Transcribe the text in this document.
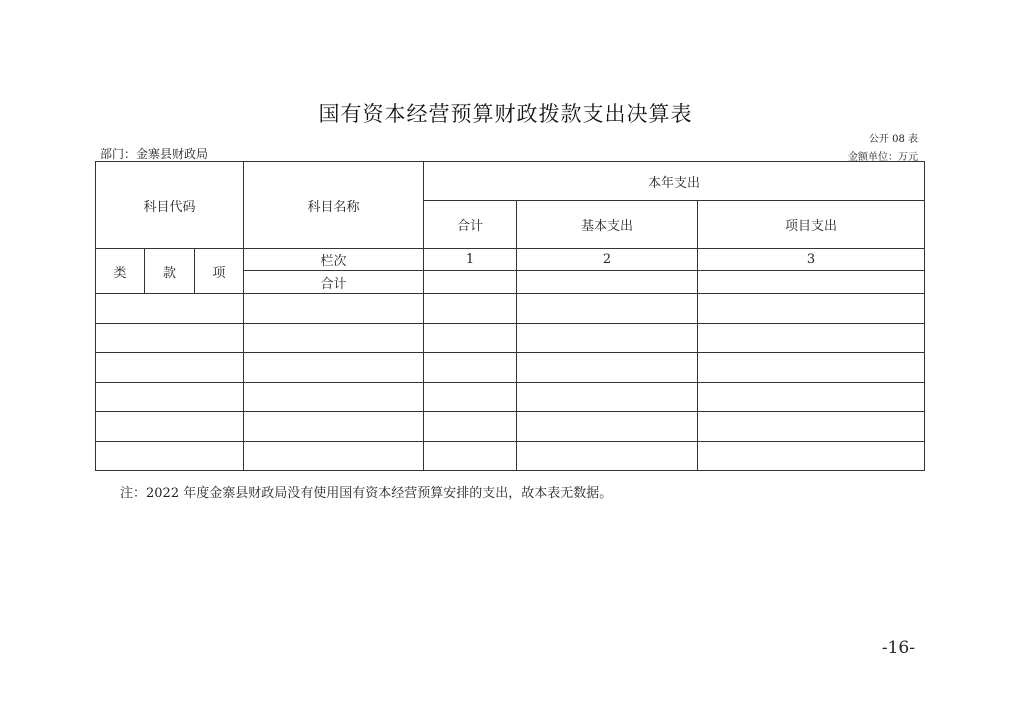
国有资本经营预算财政拨款支出决算表
公开 08 表
部门：金寨县财政局	金额单位：万元
科目代码			科目名称	本年支出		
				合计	基本支出	项目支出
类	款	项	栏次	1	2	3
			合计			

注：2022 年度金寨县财政局没有使用国有资本经营预算安排的支出，故本表无数据。
-16-
